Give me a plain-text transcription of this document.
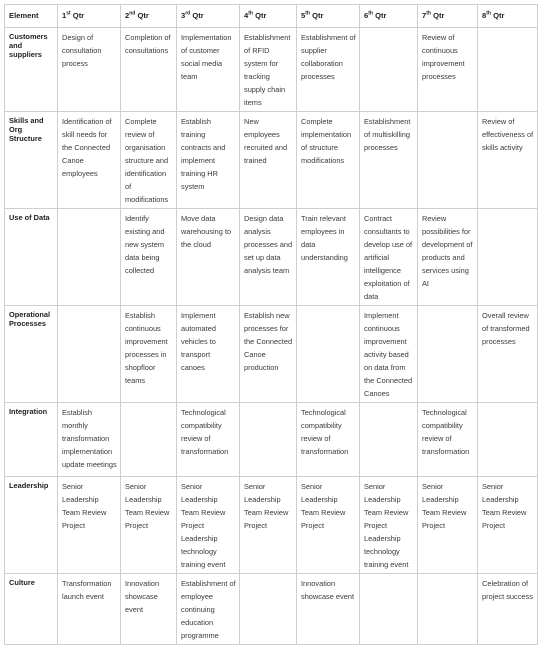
Element	1st Qtr	2nd Qtr	3rd Qtr	4th Qtr	5th Qtr	6th Qtr	7th Qtr	8th Qtr
Customers and suppliers	Design of consultation process	Completion of consultations	Implementation of customer social media team	Establishment of RFID system for tracking supply chain items	Establishment of supplier collaboration processes		Review of continuous improvement processes	
Skills and Org Structure	Identification of skill needs for the Connected Canoe employees	Complete review of organisation structure and identification of modifications	Establish training contracts and implement training HR system	New employees recruited and trained	Complete implementation of structure modifications	Establishment of multiskilling processes		Review of effectiveness of skills activity
Use of Data		Identify existing and new system data being collected	Move data warehousing to the cloud	Design data analysis processes and set up data analysis team	Train relevant employees in data understanding	Contract consultants to develop use of artificial intelligence exploitation of data	Review possibilities for development of products and services using AI	
Operational Processes		Establish continuous improvement processes in shopfloor teams	Implement automated vehicles to transport canoes	Establish new processes for the Connected Canoe production		Implement continuous improvement activity based on data from the Connected Canoes		Overall review of transformed processes
Integration	Establish monthly transformation implementation update meetings		Technological compatibility review of transformation		Technological compatibility review of transformation		Technological compatibility review of transformation	
Leadership	Senior Leadership Team Review Project	Senior Leadership Team Review Project	Senior Leadership Team Review Project Leadership technology training event	Senior Leadership Team Review Project	Senior Leadership Team Review Project	Senior Leadership Team Review Project Leadership technology training event	Senior Leadership Team Review Project	Senior Leadership Team Review Project
Culture	Transformation launch event	Innovation showcase event	Establishment of employee continuing education programme		Innovation showcase event			Celebration of project success
